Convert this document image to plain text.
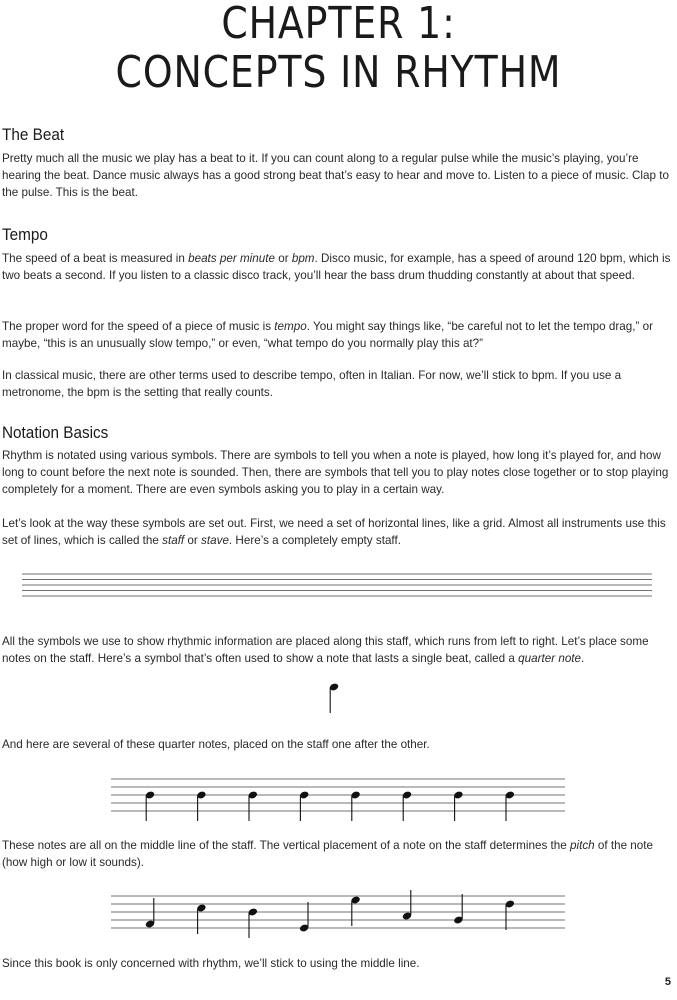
CHAPTER 1:
CONCEPTS IN RHYTHM
The Beat

Pretty much all the music we play has a beat to it. If you can count along to a regular pulse while the music’s playing, you’re hearing the beat. Dance music always has a good strong beat that’s easy to hear and move to. Listen to a piece of music. Clap to the pulse. This is the beat.

Tempo

The speed of a beat is measured in beats per minute or bpm. Disco music, for example, has a speed of around 120 bpm, which is two beats a second. If you listen to a classic disco track, you’ll hear the bass drum thudding constantly at about that speed.

The proper word for the speed of a piece of music is tempo. You might say things like, “be careful not to let the tempo drag,” or maybe, “this is an unusually slow tempo,” or even, “what tempo do you normally play this at?”

In classical music, there are other terms used to describe tempo, often in Italian. For now, we’ll stick to bpm. If you use a metronome, the bpm is the setting that really counts.

Notation Basics

Rhythm is notated using various symbols. There are symbols to tell you when a note is played, how long it’s played for, and how long to count before the next note is sounded. Then, there are symbols that tell you to play notes close together or to stop playing completely for a moment. There are even symbols asking you to play in a certain way.

Let’s look at the way these symbols are set out. First, we need a set of horizontal lines, like a grid. Almost all instruments use this set of lines, which is called the staff or stave. Here’s a completely empty staff.

All the symbols we use to show rhythmic information are placed along this staff, which runs from left to right. Let’s place some notes on the staff. Here’s a symbol that’s often used to show a note that lasts a single beat, called a quarter note.

And here are several of these quarter notes, placed on the staff one after the other.

These notes are all on the middle line of the staff. The vertical placement of a note on the staff determines the pitch of the note (how high or low it sounds).

Since this book is only concerned with rhythm, we’ll stick to using the middle line.

5
